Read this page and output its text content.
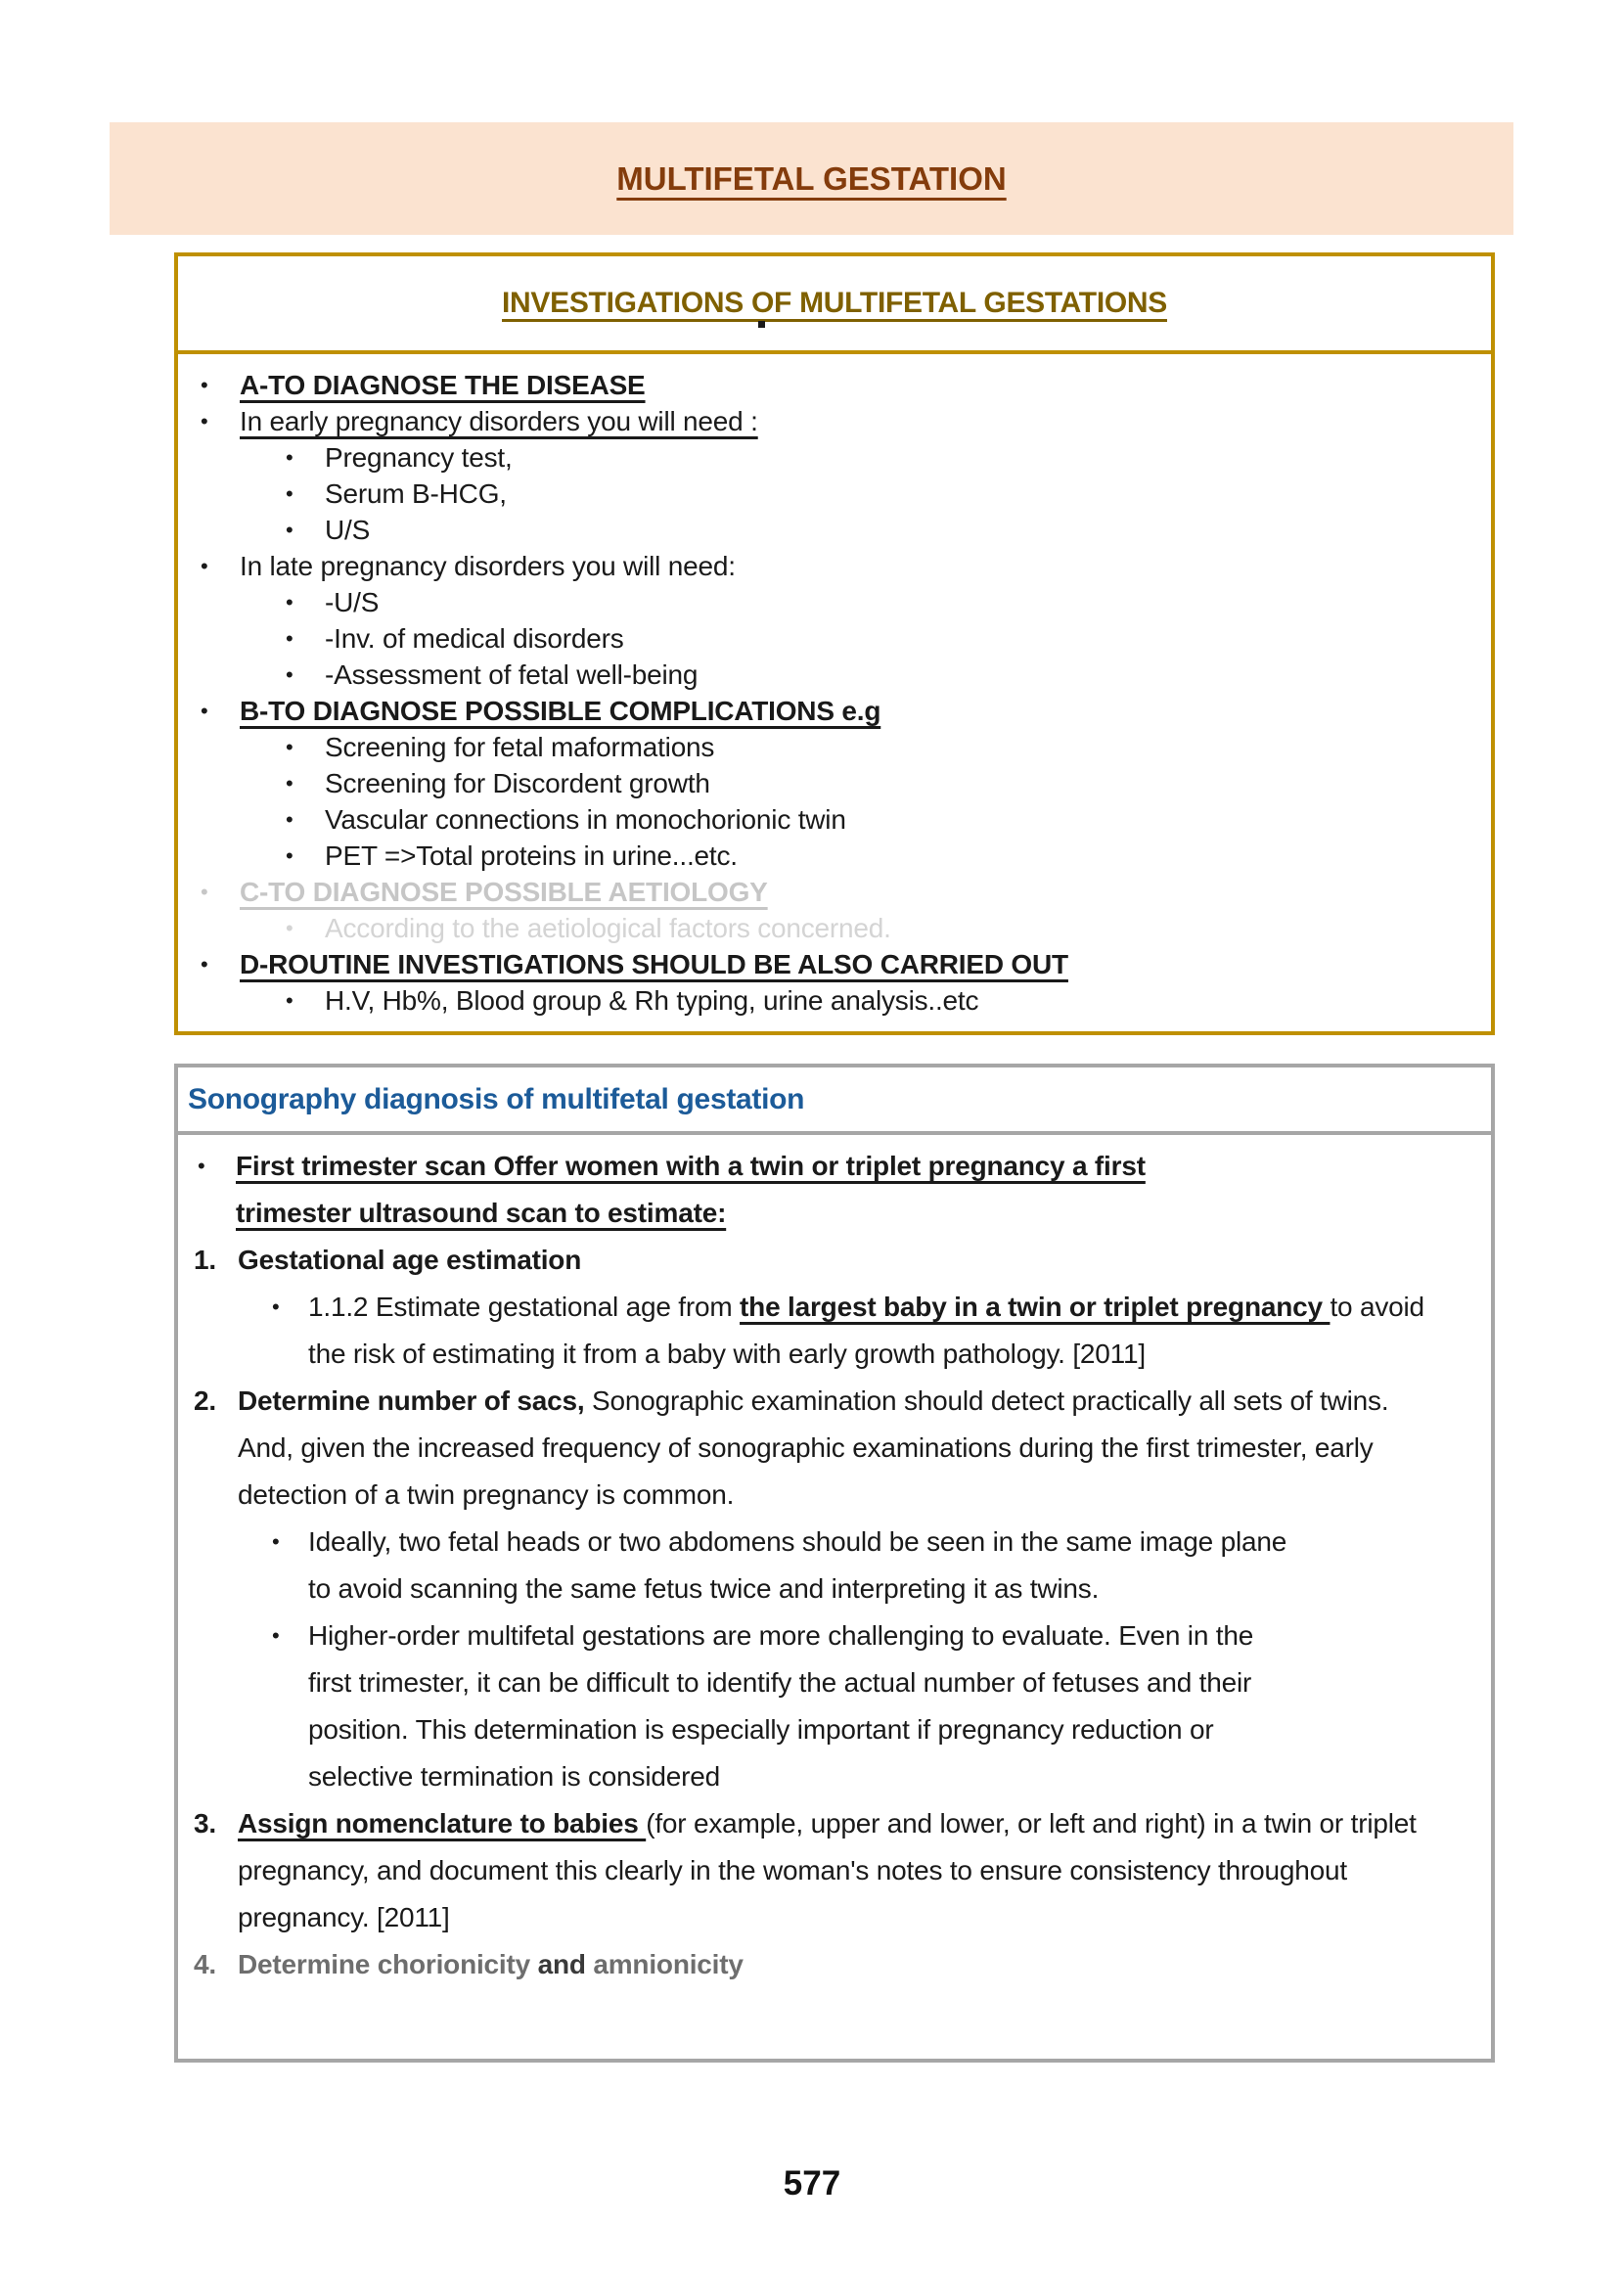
MULTIFETAL GESTATION
INVESTIGATIONS OF MULTIFETAL GESTATIONS
• A-TO DIAGNOSE THE DISEASE
• In early pregnancy disorders you will need :
• Pregnancy test,
• Serum B-HCG,
• U/S
• In late pregnancy disorders you will need:
• -U/S
• -Inv. of medical disorders
• -Assessment of fetal well-being
• B-TO DIAGNOSE POSSIBLE COMPLICATIONS e.g
• Screening for fetal maformations
• Screening for Discordent growth
• Vascular connections in monochorionic twin
• PET =>Total proteins in urine...etc.
• C-TO DIAGNOSE POSSIBLE AETIOLOGY
• According to the aetiological factors concerned.
• D-ROUTINE INVESTIGATIONS SHOULD BE ALSO CARRIED OUT
• H.V, Hb%, Blood group & Rh typing, urine analysis..etc
Sonography diagnosis of multifetal gestation
• First trimester scan Offer women with a twin or triplet pregnancy a first trimester ultrasound scan to estimate:
1. Gestational age estimation
• 1.1.2 Estimate gestational age from the largest baby in a twin or triplet pregnancy to avoid the risk of estimating it from a baby with early growth pathology. [2011]
2. Determine number of sacs, Sonographic examination should detect practically all sets of twins. And, given the increased frequency of sonographic examinations during the first trimester, early detection of a twin pregnancy is common.
• Ideally, two fetal heads or two abdomens should be seen in the same image plane to avoid scanning the same fetus twice and interpreting it as twins.
• Higher-order multifetal gestations are more challenging to evaluate. Even in the first trimester, it can be difficult to identify the actual number of fetuses and their position. This determination is especially important if pregnancy reduction or selective termination is considered
3. Assign nomenclature to babies (for example, upper and lower, or left and right) in a twin or triplet pregnancy, and document this clearly in the woman's notes to ensure consistency throughout pregnancy. [2011]
4. Determine chorionicity and amnionicity
577
